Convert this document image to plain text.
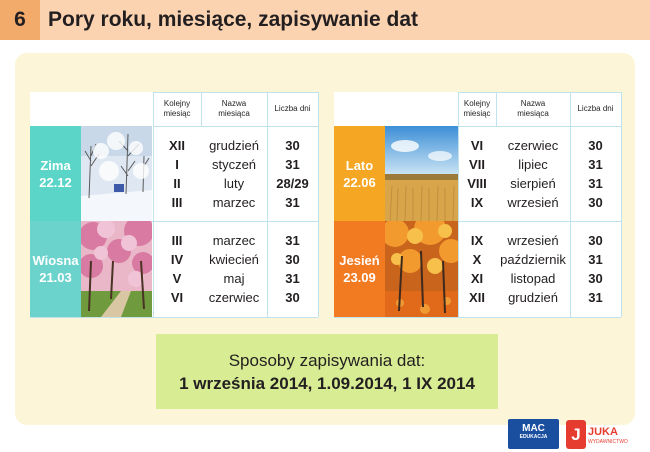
6	Pory roku, miesiące, zapisywanie dat
Kolejny
miesiąc
Nazwa
miesiąca
Liczba dni
Zima
22.12
XII
I
II
III
grudzień
styczeń
luty
marzec
30
31
28/29
31
Wiosna
21.03
III
IV
V
VI
marzec
kwiecień
maj
czerwiec
31
30
31
30
Kolejny
miesiąc
Nazwa
miesiąca
Liczba dni
Lato
22.06
VI
VII
VIII
IX
czerwiec
lipiec
sierpień
wrzesień
30
31
31
30
Jesień
23.09
IX
X
XI
XII
wrzesień
październik
listopad
grudzień
30
31
30
31
Sposoby zapisywania dat:
1 września 2014, 1.09.2014, 1 IX 2014
MAC
EDUKACJA	J JUKA
WYDAWNICTWO
